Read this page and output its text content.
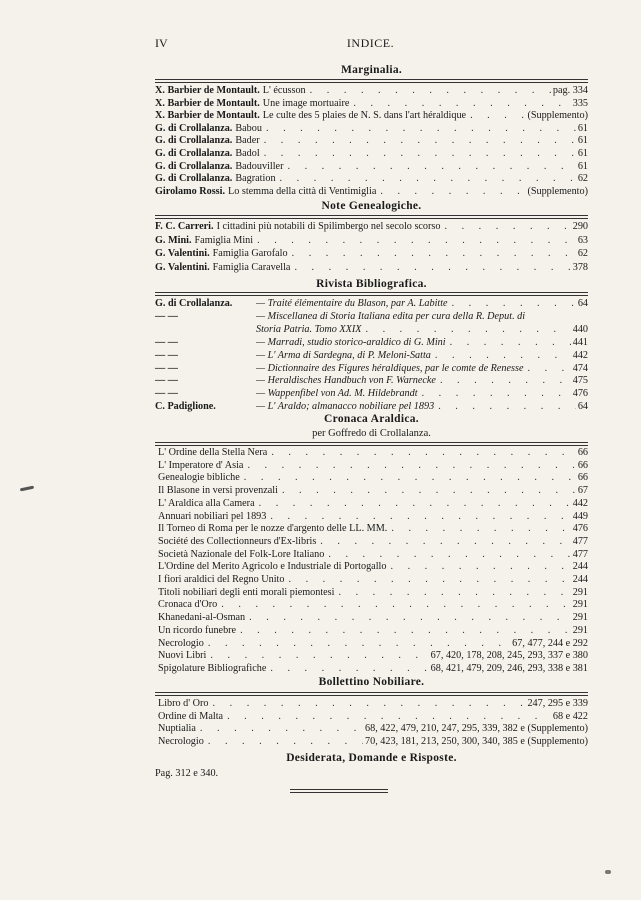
IV	INDICE.
Marginalia.
Note Genealogiche.
Rivista Bibliografica.
Cronaca Araldica.
per Goffredo di Crollalanza.
Bollettino Nobiliare.
Desiderata, Domande e Risposte.
Pag. 312 e 340.
X. Barbier de Montault. L' écusson . . .	pag. 334
X. Barbier de Montault. Une image mortuaire . . .	335
X. Barbier de Montault. Le culte des 5 plaies de N. S. dans l'art héraldique . . .	(Supplemento)
G. di Crollalanza. Babou . . .	61
G. di Crollalanza. Bader . . .	61
G. di Crollalanza. Badol . . .	61
G. di Crollalanza. Badouviller . . .	61
G. di Crollalanza. Bagration . . .	62
Girolamo Rossi. Lo stemma della città di Ventimiglia . . .	(Supplemento)
F. C. Carreri. I cittadini più notabili di Spilimbergo nel secolo scorso . . .	290
G. Mini. Famiglia Mini . . .	63
G. Valentini. Famiglia Garofalo . . .	62
G. Valentini. Famiglia Caravella . . .	378
G. di Crollalanza.	— Traité élémentaire du Blason, par A. Labitte . . .	64
— —	— Miscellanea di Storia Italiana edita per cura della R. Deput. di
Storia Patria. Tomo XXIX . . .	440
— —	— Marradi, studio storico-araldico di G. Mini . . .	441
— —	— L' Arma di Sardegna, di P. Meloni-Satta . . .	442
— —	— Dictionnaire des Figures héraldiques, par le comte de Renesse . . .	474
— —	— Heraldisches Handbuch von F. Warnecke . . .	475
— —	— Wappenfibel von Ad. M. Hildebrandt . . .	476
C. Padiglione.	— L' Araldo; almanacco nobiliare pel 1893 . . .	64
L' Ordine della Stella Nera . . .	66
L' Imperatore d' Asia . . .	66
Genealogie bibliche . . .	66
Il Blasone in versi provenzali . . .	67
L' Araldica alla Camera . . .	442
Annuari nobiliari pel 1893 . . .	449
Il Torneo di Roma per le nozze d'argento delle LL. MM. . . .	476
Société des Collectionneurs d'Ex-libris . . .	477
Società Nazionale del Folk-Lore Italiano . . .	477
L'Ordine del Merito Agricolo e Industriale di Portogallo . . .	244
I fiori araldici del Regno Unito . . .	244
Titoli nobiliari degli enti morali piemontesi . . .	291
Cronaca d'Oro . . .	291
Khanedani-al-Osman . . .	291
Un ricordo funebre . . .	291
Necrologio . . .	67, 477, 244 e 292
Nuovi Libri . . .	67, 420, 178, 208, 245, 293, 337 e 380
Spigolature Bibliografiche . . .	68, 421, 479, 209, 246, 293, 338 e 381
Libro d' Oro . . .	247, 295 e 339
Ordine di Malta . . .	68 e 422
Nuptialia . . .	68, 422, 479, 210, 247, 295, 339, 382 e (Supplemento)
Necrologio . . .	70, 423, 181, 213, 250, 300, 340, 385 e (Supplemento)
